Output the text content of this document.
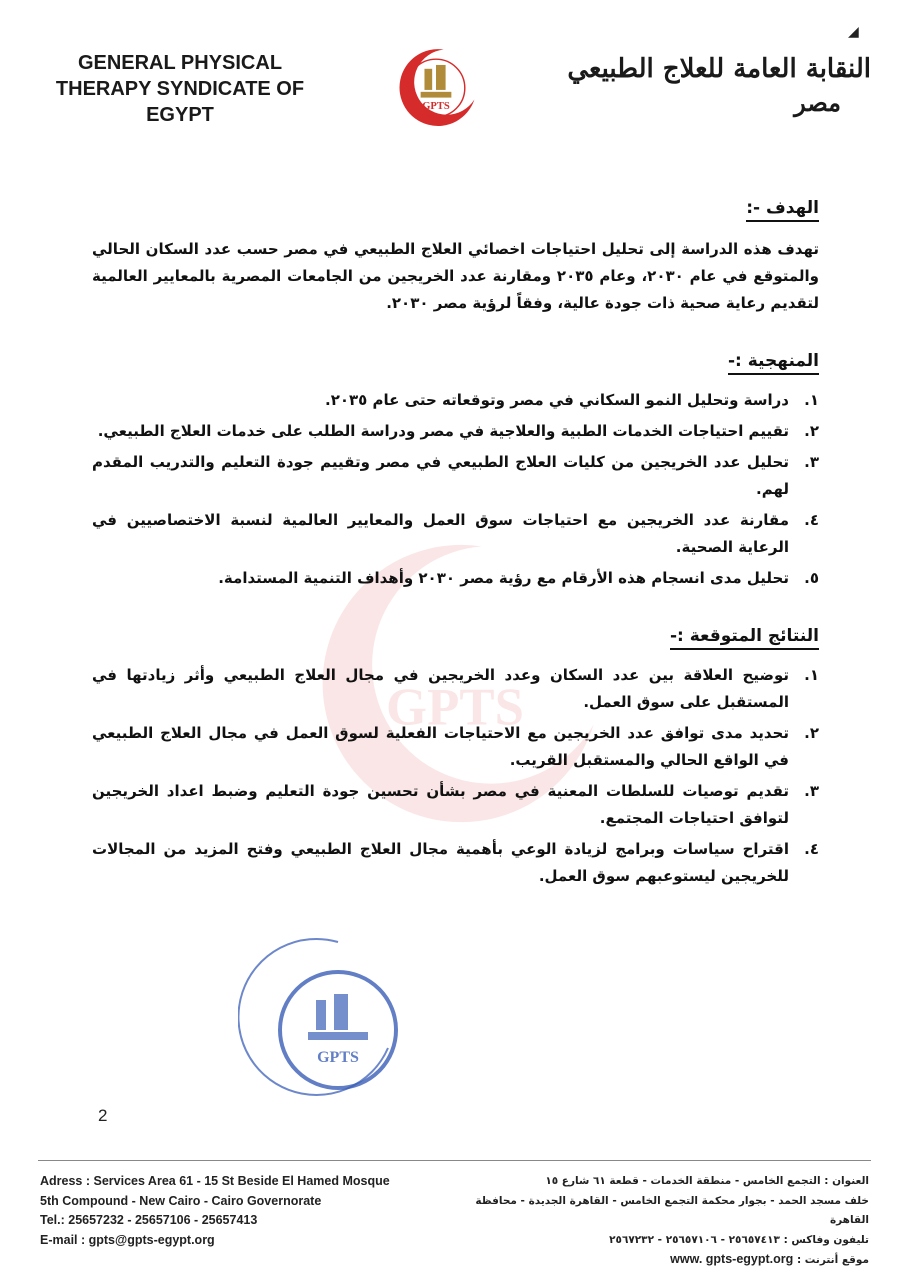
◢
GENERAL PHYSICAL
THERAPY SYNDICATE OF
EGYPT	GPTS
النقابة العامة للعلاج الطبيعي
مصر
GPTS
الهدف -:

تهدف هذه الدراسة إلى تحليل احتياجات اخصائي العلاج الطبيعي في مصر حسب عدد السكان الحالي والمتوقع في عام ٢٠٣٠، وعام ٢٠٣٥ ومقارنة عدد الخريجين من الجامعات المصرية بالمعايير العالمية لتقديم رعاية صحية ذات جودة عالية، وفقاً لرؤية مصر ٢٠٣٠.

المنهجية :-
١.
دراسة وتحليل النمو السكاني في مصر وتوقعاته حتى عام ٢٠٣٥.
٢.
تقييم احتياجات الخدمات الطبية والعلاجية في مصر ودراسة الطلب على خدمات العلاج الطبيعي.
٣.
تحليل عدد الخريجين من كليات العلاج الطبيعي في مصر وتقييم جودة التعليم والتدريب المقدم لهم.
٤.
مقارنة عدد الخريجين مع احتياجات سوق العمل والمعايير العالمية لنسبة الاختصاصيين في الرعاية الصحية.
٥.
تحليل مدى انسجام هذه الأرقام مع رؤية مصر ٢٠٣٠ وأهداف التنمية المستدامة.
النتائج المتوقعة :-
١.
توضيح العلاقة بين عدد السكان وعدد الخريجين في مجال العلاج الطبيعي وأثر زيادتها في المستقبل على سوق العمل.
٢.
تحديد مدى توافق عدد الخريجين مع الاحتياجات الفعلية لسوق العمل في مجال العلاج الطبيعي في الواقع الحالي والمستقبل القريب.
٣.
تقديم توصيات للسلطات المعنية في مصر بشأن تحسين جودة التعليم وضبط اعداد الخريجين لتوافق احتياجات المجتمع.
٤.
اقتراح سياسات وبرامج لزيادة الوعي بأهمية مجال العلاج الطبيعي وفتح المزيد من المجالات للخريجين ليستوعبهم سوق العمل.
GPTS
2
Adress : Services Area 61 - 15 St Beside El Hamed Mosque
5th Compound - New Cairo - Cairo Governorate
Tel.: 25657232 - 25657106 - 25657413
E-mail : gpts@gpts-egypt.org
العنوان : التجمع الخامس - منطقة الخدمات - قطعة ٦١ شارع ١٥
خلف مسجد الحمد - بجوار محكمة التجمع الخامس - القاهرة الجديدة - محافظة القاهرة
تليفون وفاكس : ٢٥٦٥٧٤١٣ - ٢٥٦٥٧١٠٦ - ٢٥٦٧٢٣٢
موقع أنترنت : www. gpts-egypt.org
